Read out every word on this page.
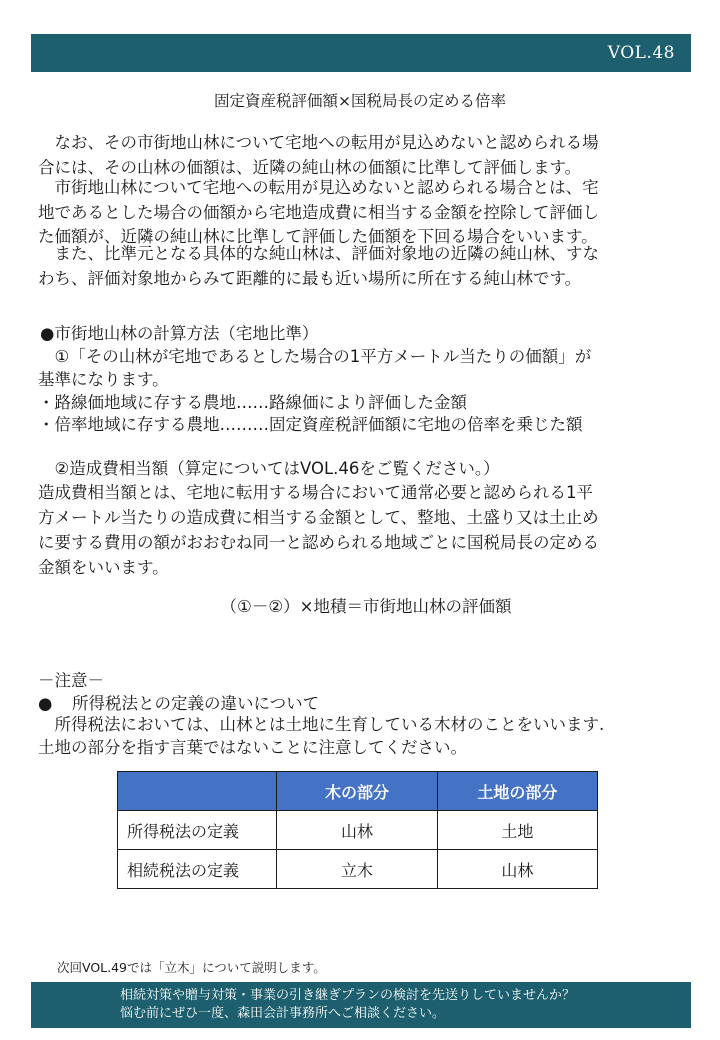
VOL.48
固定資産税評価額×国税局長の定める倍率

　なお、その市街地山林について宅地への転用が見込めないと認められる場
合には、その山林の価額は、近隣の純山林の価額に比準して評価します。

　市街地山林について宅地への転用が見込めないと認められる場合とは、宅
地であるとした場合の価額から宅地造成費に相当する金額を控除して評価し
た価額が、近隣の純山林に比準して評価した価額を下回る場合をいいます。

　また、比準元となる具体的な純山林は、評価対象地の近隣の純山林、すな
わち、評価対象地からみて距離的に最も近い場所に所在する純山林です。

●市街地山林の計算方法（宅地比準）

　①「その山林が宅地であるとした場合の1平方メートル当たりの価額」が
基準になります。

・路線価地域に存する農地……路線価により評価した金額

・倍率地域に存する農地………固定資産税評価額に宅地の倍率を乗じた額

　②造成費相当額（算定についてはVOL.46をご覧ください。）

造成費相当額とは、宅地に転用する場合において通常必要と認められる1平
方メートル当たりの造成費に相当する金額として、整地、土盛り又は土止め
に要する費用の額がおおむね同一と認められる地域ごとに国税局長の定める
金額をいいます。

（①－②）×地積＝市街地山林の評価額
－注意－
● 所得税法との定義の違いについて

　所得税法においては、山林とは土地に生育している木材のことをいいます.
土地の部分を指す言葉ではないことに注意してください。

	木の部分	土地の部分
所得税法の定義	山林	土地
相続税法の定義	立木	山林
次回VOL.49では「立木」について説明します。
相続対策や贈与対策・事業の引き継ぎプランの検討を先送りしていませんか？
悩む前にぜひ一度、森田会計事務所へご相談ください。
